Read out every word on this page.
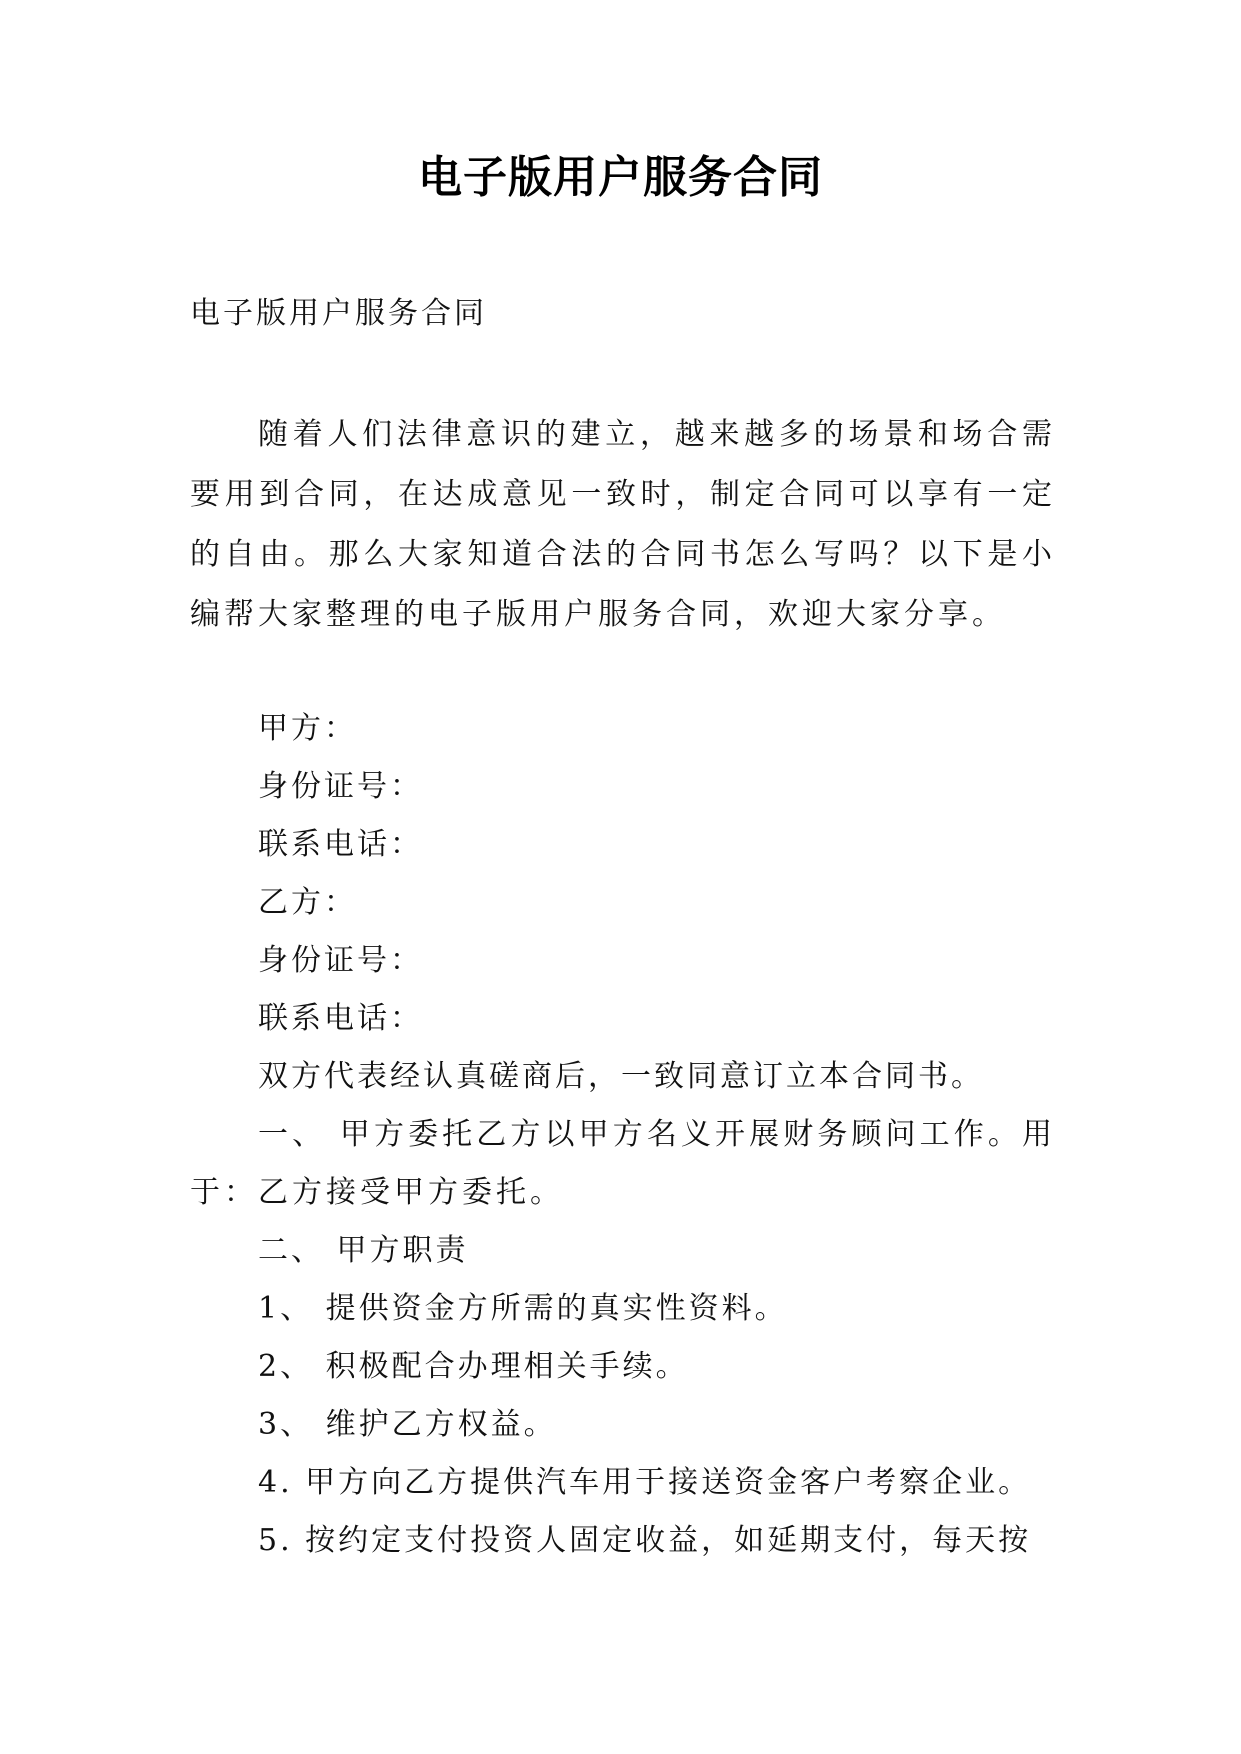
电子版用户服务合同
电子版用户服务合同
随着人们法律意识的建立，越来越多的场景和场合需要用到合同，在达成意见一致时，制定合同可以享有一定的自由。那么大家知道合法的合同书怎么写吗？以下是小编帮大家整理的电子版用户服务合同，欢迎大家分享。

甲方：

身份证号：

联系电话：

乙方：

身份证号：

联系电话：

双方代表经认真磋商后，一致同意订立本合同书。

一、 甲方委托乙方以甲方名义开展财务顾问工作。用于：乙方接受甲方委托。

二、 甲方职责

1、 提供资金方所需的真实性资料。

2、 积极配合办理相关手续。

3、 维护乙方权益。

4. 甲方向乙方提供汽车用于接送资金客户考察企业。

5. 按约定支付投资人固定收益，如延期支付，每天按
